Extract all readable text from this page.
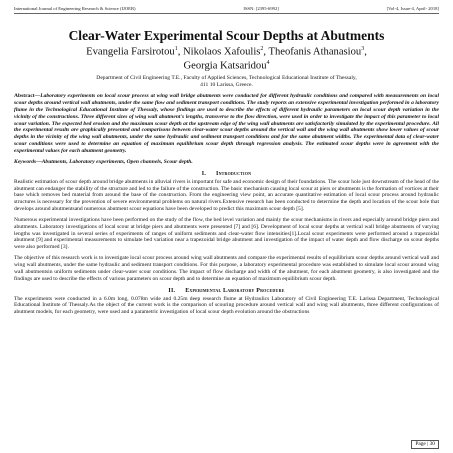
International Journal of Engineering Research & Science (IJOER)	ISSN: [2395-6992]	[Vol-4, Issue-4, April- 2018]
Clear-Water Experimental Scour Depths at Abutments
Evangelia Farsirotou$^1$, Nikolaos Xafoulis$^2$, Theofanis Athanasiou$^3$,
Georgia Katsaridou$^4$
Department of Civil Engineering T.E., Faculty of Applied Sciences, Technological Educational Institute of Thessaly,
411 10 Larissa, Greece.

Abstract—Laboratory experiments on local scour process at wing wall bridge abutments were conducted for different hydraulic conditions and compared with measurements on local scour depths around vertical wall abutments, under the same flow and sediment transport conditions. The study reports an extensive experimental investigation performed in a laboratory flume in the Technological Educational Institute of Thessaly, whose findings are used to describe the effects of different hydraulic parameters on local scour depth variation in the vicinity of the constructions. Three different sizes of wing wall abutment's lengths, transverse to the flow direction, were used in order to investigate the impact of this parameter to local scour variation. The expected bed erosion and the maximum scour depth at the upstream edge of the wing wall abutments are satisfactorily simulated by the experimental procedure. All the experimental results are graphically presented and comparisons between clear-water scour depths around the vertical wall and the wing wall abutments show lower values of scour depths in the vicinity of the wing wall abutments, under the same hydraulic and sediment transport conditions and for the same abutment widths. The experimental data of clear-water scour conditions were used to determine an equation of maximum equilibrium scour depth through regression analysis. The estimated scour depths were in agreement with the experimental values for each abutment geometry.

Keywords—Abutments, Laboratory experiments, Open channels, Scour depth.

I. Introduction

Realistic estimation of scour depth around bridge abutments in alluvial rivers is important for safe and economic design of their foundations. The scour hole just downstream of the head of the abutment can endanger the stability of the structure and led to the failure of the construction. The basic mechanism causing local scour at piers or abutments is the formation of vortices at their base which removes bed material from around the base of the construction. From the engineering view point, an accurate quantitative estimation of local scour process around hydraulic structures is necessary for the prevention of severe environmental problems on natural rivers.Extensive research has been conducted to determine the depth and location of the scour hole that develops around abutmentsand numerous abutment scour equations have been developed to predict this maximum scour depth [5].

Numerous experimental investigations have been performed on the study of the flow, the bed level variation and mainly the scour mechanisms in rivers and especially around bridge piers and abutments. Laboratory investigations of local scour at bridge piers and abutments were presented [7] and [6]. Development of local scour depths at vertical wall bridge abutments of varying lengths was investigated in several series of experiments of ranges of uniform sediments and clear-water flow intensities[1].Local scour experiments were performed around a trapezoidal abutment [9] and experimental measurements to simulate bed variation near a trapezoidal bridge abutment and investigation of the impact of water depth and flow discharge on scour depths were also performed [3].

The objective of this research work is to investigate local scour process around wing wall abutments and compare the experimental results of equilibrium scour depths around vertical wall and wing wall abutments, under the same hydraulic and sediment transport conditions. For this purpose, a laboratory experimental procedure was established to simulate local scour around wing wall abutmentsin uniform sediments under clear-water scour conditions. The impact of flow discharge and width of the abutment, for each abutment geometry, is also investigated and the findings are used to describe the effects of various parameters on scour depth and to determine an equation of maximum equilibrium scour depth.

II. Experimental Laboratory Procedure

The experiments were conducted in a 6.0m long, 0.078m wide and 0.25m deep research flume at Hydraulics Laboratory of Civil Engineering T.E. Larissa Department, Technological Educational Institute of Thessaly.As the object of the current work is the comparison of scouring procedure around vertical wall and wing wall abutments, three different configurations of abutment models, for each geometry, were used and a parametric investigation of local scour depth evolution around the obstructions

Page | 30
